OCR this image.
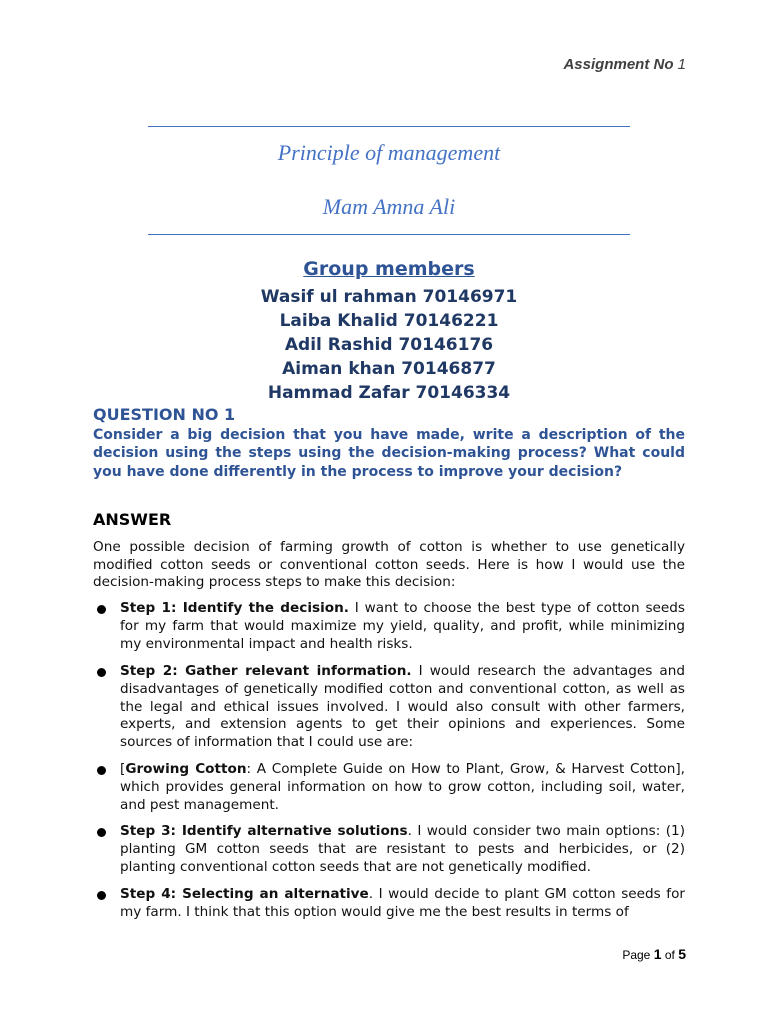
Assignment No 1
Principle of management
Mam Amna Ali
Group members
Wasif ul rahman 70146971
Laiba Khalid 70146221
Adil Rashid 70146176
Aiman khan 70146877
Hammad Zafar 70146334
QUESTION NO 1
Consider a big decision that you have made, write a description of the decision using the steps using the decision-making process? What could you have done differently in the process to improve your decision?
ANSWER
One possible decision of farming growth of cotton is whether to use genetically modified cotton seeds or conventional cotton seeds. Here is how I would use the decision-making process steps to make this decision:
Step 1: Identify the decision. I want to choose the best type of cotton seeds for my farm that would maximize my yield, quality, and profit, while minimizing my environmental impact and health risks.
Step 2: Gather relevant information. I would research the advantages and disadvantages of genetically modified cotton and conventional cotton, as well as the legal and ethical issues involved. I would also consult with other farmers, experts, and extension agents to get their opinions and experiences. Some sources of information that I could use are:
[Growing Cotton: A Complete Guide on How to Plant, Grow, & Harvest Cotton], which provides general information on how to grow cotton, including soil, water, and pest management.
Step 3: Identify alternative solutions. I would consider two main options: (1) planting GM cotton seeds that are resistant to pests and herbicides, or (2) planting conventional cotton seeds that are not genetically modified.
Step 4: Selecting an alternative. I would decide to plant GM cotton seeds for my farm. I think that this option would give me the best results in terms of
Page 1 of 5
